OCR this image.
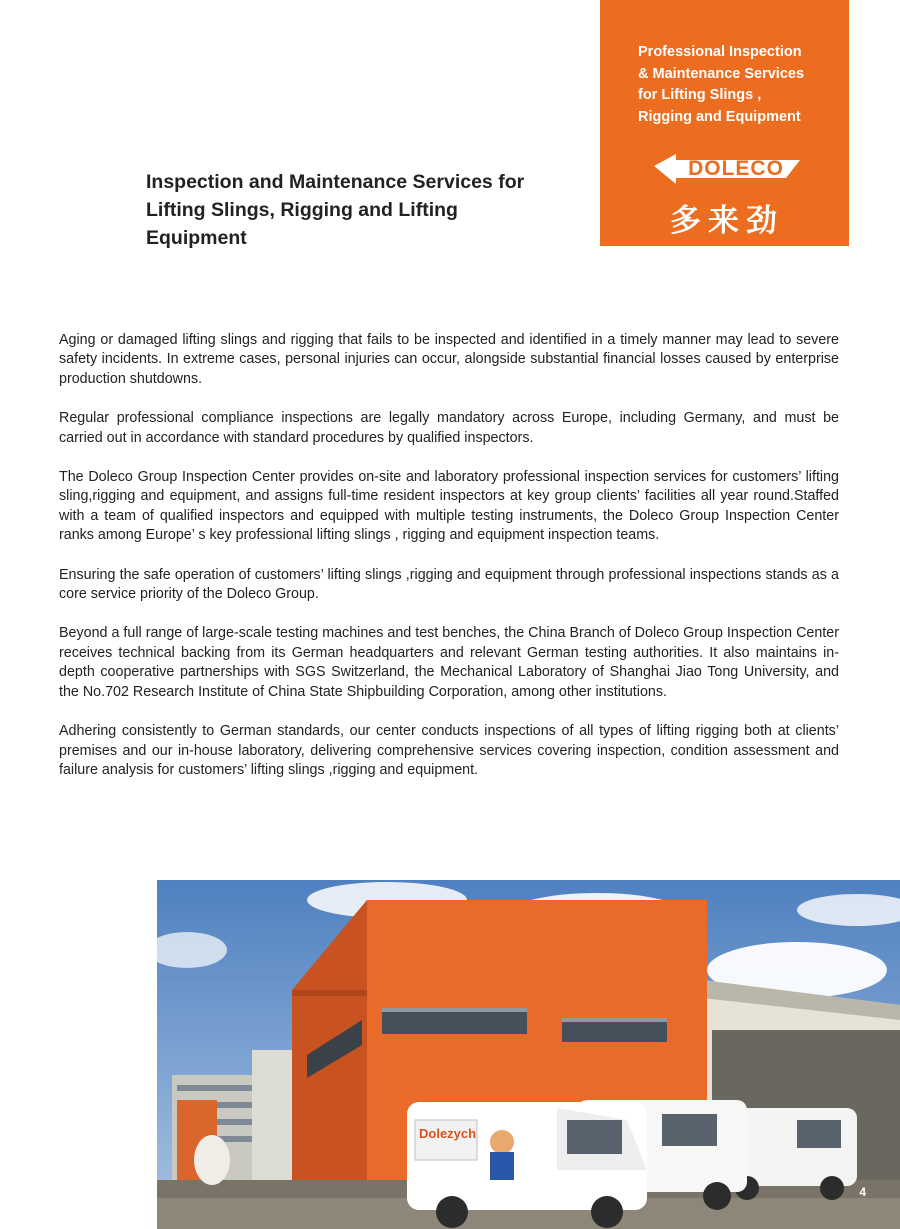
Professional Inspection
& Maintenance Services
for Lifting Slings ,
Rigging and Equipment
DOLECO
多来劲
Inspection and Maintenance Services for Lifting Slings, Rigging and Lifting Equipment

Aging or damaged lifting slings and rigging that fails to be inspected and identified in a timely manner may lead to severe safety incidents. In extreme cases, personal injuries can occur, alongside substantial financial losses caused by enterprise production shutdowns.

Regular professional compliance inspections are legally mandatory across Europe, including Germany, and must be carried out in accordance with standard procedures by qualified inspectors.

The Doleco Group Inspection Center provides on-site and laboratory professional inspection services for customers’ lifting sling,rigging and equipment, and assigns full-time resident inspectors at key group clients’ facilities all year round.Staffed with a team of qualified inspectors and equipped with multiple testing instruments, the Doleco Group Inspection Center ranks among Europe’ s key professional lifting slings , rigging and equipment inspection teams.

Ensuring the safe operation of customers’ lifting slings ,rigging and equipment through professional inspections stands as a core service priority of the Doleco Group.

Beyond a full range of large-scale testing machines and test benches, the China Branch of Doleco Group Inspection Center receives technical backing from its German headquarters and relevant German testing authorities. It also maintains in-depth cooperative partnerships with SGS Switzerland, the Mechanical Laboratory of Shanghai Jiao Tong University, and the No.702 Research Institute of China State Shipbuilding Corporation, among other institutions.

Adhering consistently to German standards, our center conducts inspections of all types of lifting rigging both at clients’ premises and our in-house laboratory, delivering comprehensive services covering inspection, condition assessment and failure analysis for customers’ lifting slings ,rigging and equipment.

Dolezych
4
